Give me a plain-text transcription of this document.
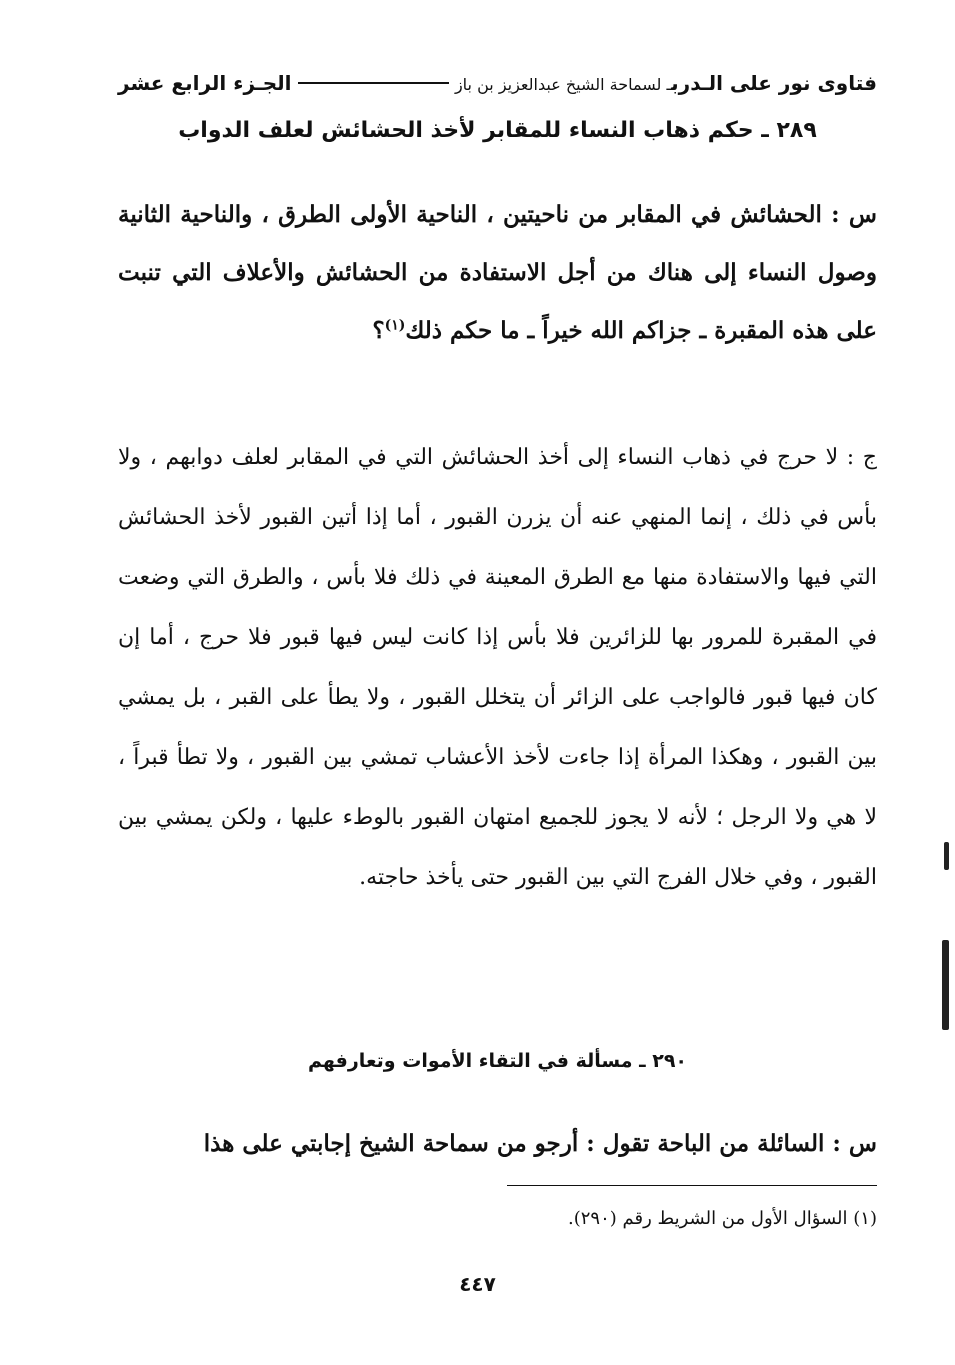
فتاوى نور على الـدربـ لسماحة الشيخ عبدالعزيز بن باز
الجـزء الرابع عشر
٢٨٩ ـ حكم ذهاب النساء للمقابر لأخذ الحشائش لعلف الدواب
س : الحشائش في المقابر من ناحيتين ، الناحية الأولى الطرق ، والناحية الثانية وصول النساء إلى هناك من أجل الاستفادة من الحشائش والأعلاف التي تنبت على هذه المقبرة ـ جزاكم الله خيراً ـ ما حكم ذلك$^{(١)}$؟
ج : لا حرج في ذهاب النساء إلى أخذ الحشائش التي في المقابر لعلف دوابهم ، ولا بأس في ذلك ، إنما المنهي عنه أن يزرن القبور ، أما إذا أتين القبور لأخذ الحشائش التي فيها والاستفادة منها مع الطرق المعينة في ذلك فلا بأس ، والطرق التي وضعت في المقبرة للمرور بها للزائرين فلا بأس إذا كانت ليس فيها قبور فلا حرج ، أما إن كان فيها قبور فالواجب على الزائر أن يتخلل القبور ، ولا يطأ على القبر ، بل يمشي بين القبور ، وهكذا المرأة إذا جاءت لأخذ الأعشاب تمشي بين القبور ، ولا تطأ قبراً ، لا هي ولا الرجل ؛ لأنه لا يجوز للجميع امتهان القبور بالوطء عليها ، ولكن يمشي بين القبور ، وفي خلال الفرج التي بين القبور حتى يأخذ حاجته.
٢٩٠ ـ مسألة في التقاء الأموات وتعارفهم
س : السائلة من الباحة تقول : أرجو من سماحة الشيخ إجابتي على هذا
(١) السؤال الأول من الشريط رقم (٢٩٠).
٤٤٧
